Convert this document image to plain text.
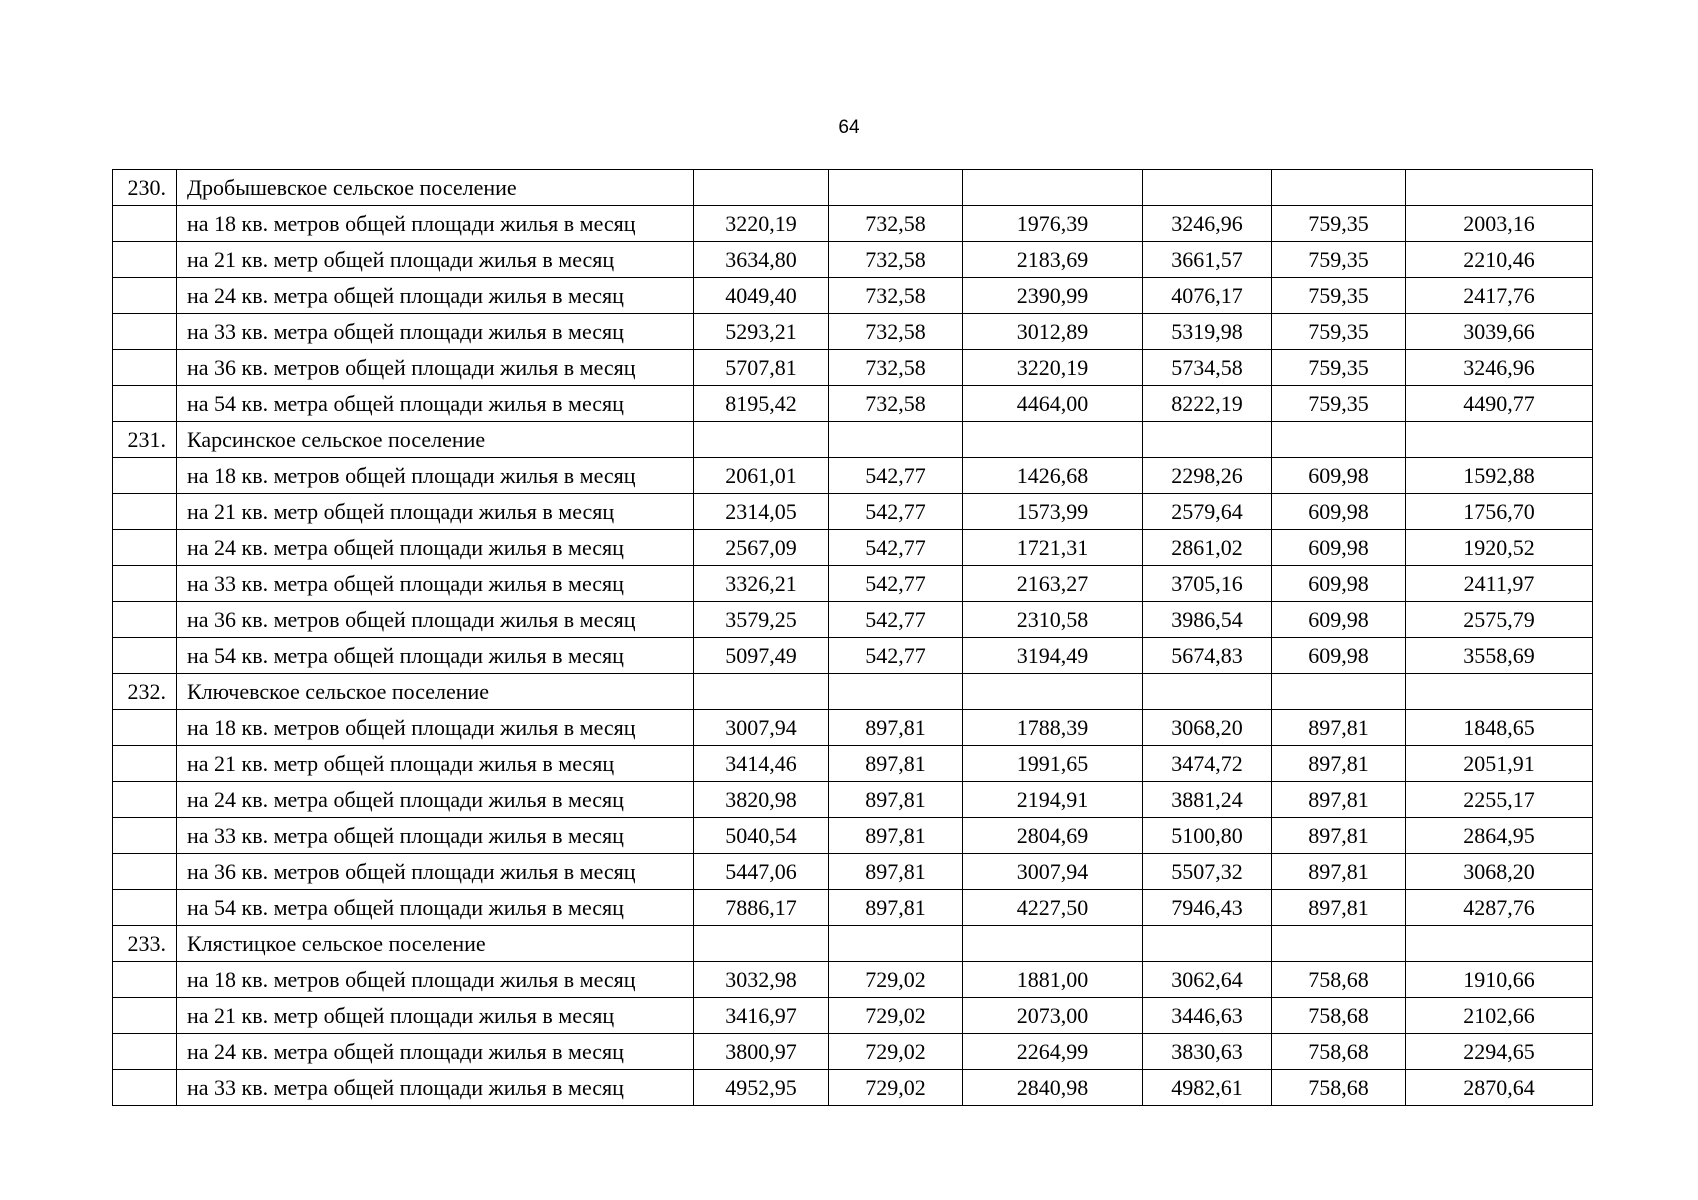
64
230.	Дробышевское сельское поселение						
	на 18 кв. метров общей площади жилья в месяц	3220,19	732,58	1976,39	3246,96	759,35	2003,16
	на 21 кв. метр общей площади жилья в месяц	3634,80	732,58	2183,69	3661,57	759,35	2210,46
	на 24 кв. метра общей площади жилья в месяц	4049,40	732,58	2390,99	4076,17	759,35	2417,76
	на 33 кв. метра общей площади жилья в месяц	5293,21	732,58	3012,89	5319,98	759,35	3039,66
	на 36 кв. метров общей площади жилья в месяц	5707,81	732,58	3220,19	5734,58	759,35	3246,96
	на 54 кв. метра общей площади жилья в месяц	8195,42	732,58	4464,00	8222,19	759,35	4490,77
231.	Карсинское сельское поселение						
	на 18 кв. метров общей площади жилья в месяц	2061,01	542,77	1426,68	2298,26	609,98	1592,88
	на 21 кв. метр общей площади жилья в месяц	2314,05	542,77	1573,99	2579,64	609,98	1756,70
	на 24 кв. метра общей площади жилья в месяц	2567,09	542,77	1721,31	2861,02	609,98	1920,52
	на 33 кв. метра общей площади жилья в месяц	3326,21	542,77	2163,27	3705,16	609,98	2411,97
	на 36 кв. метров общей площади жилья в месяц	3579,25	542,77	2310,58	3986,54	609,98	2575,79
	на 54 кв. метра общей площади жилья в месяц	5097,49	542,77	3194,49	5674,83	609,98	3558,69
232.	Ключевское сельское поселение						
	на 18 кв. метров общей площади жилья в месяц	3007,94	897,81	1788,39	3068,20	897,81	1848,65
	на 21 кв. метр общей площади жилья в месяц	3414,46	897,81	1991,65	3474,72	897,81	2051,91
	на 24 кв. метра общей площади жилья в месяц	3820,98	897,81	2194,91	3881,24	897,81	2255,17
	на 33 кв. метра общей площади жилья в месяц	5040,54	897,81	2804,69	5100,80	897,81	2864,95
	на 36 кв. метров общей площади жилья в месяц	5447,06	897,81	3007,94	5507,32	897,81	3068,20
	на 54 кв. метра общей площади жилья в месяц	7886,17	897,81	4227,50	7946,43	897,81	4287,76
233.	Клястицкое сельское поселение						
	на 18 кв. метров общей площади жилья в месяц	3032,98	729,02	1881,00	3062,64	758,68	1910,66
	на 21 кв. метр общей площади жилья в месяц	3416,97	729,02	2073,00	3446,63	758,68	2102,66
	на 24 кв. метра общей площади жилья в месяц	3800,97	729,02	2264,99	3830,63	758,68	2294,65
	на 33 кв. метра общей площади жилья в месяц	4952,95	729,02	2840,98	4982,61	758,68	2870,64
